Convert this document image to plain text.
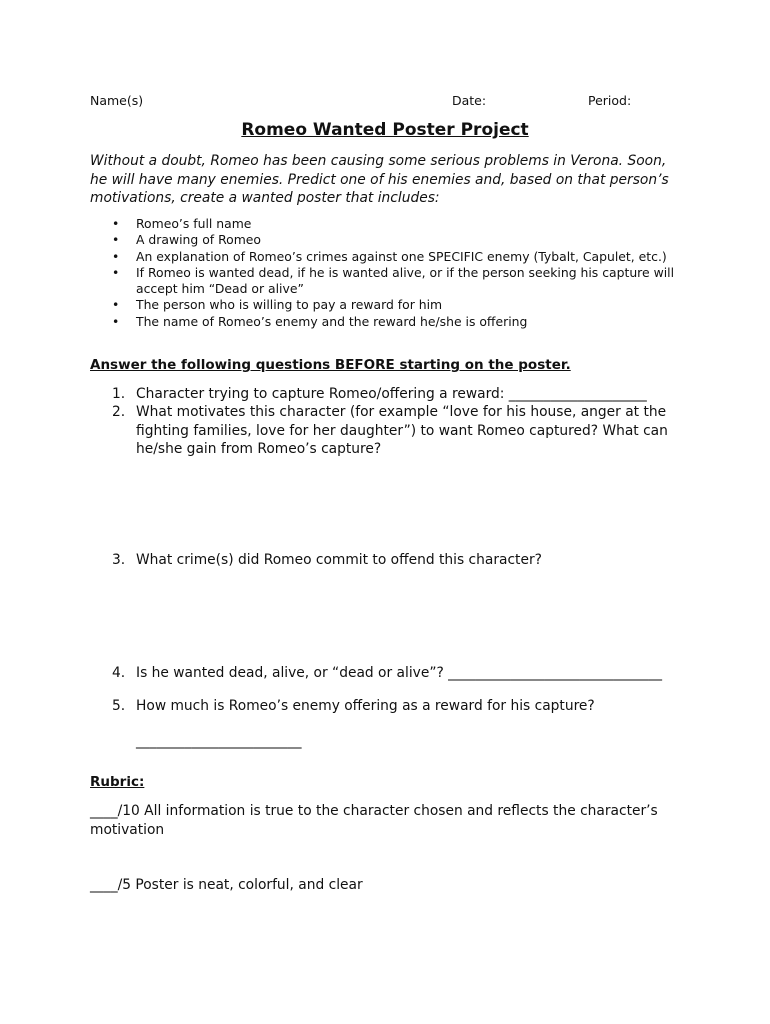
Name(s)	Date:	Period:
Romeo Wanted Poster Project
Without a doubt, Romeo has been causing some serious problems in Verona. Soon, he will have many enemies. Predict one of his enemies and, based on that person’s motivations, create a wanted poster that includes:
• Romeo’s full name
• A drawing of Romeo
• An explanation of Romeo’s crimes against one SPECIFIC enemy (Tybalt, Capulet, etc.)
• If Romeo is wanted dead, if he is wanted alive, or if the person seeking his capture will accept him “Dead or alive”
• The person who is willing to pay a reward for him
• The name of Romeo’s enemy and the reward he/she is offering
Answer the following questions BEFORE starting on the poster.
1. Character trying to capture Romeo/offering a reward: ____________________
2. What motivates this character (for example “love for his house, anger at the fighting families, love for her daughter”) to want Romeo captured? What can he/she gain from Romeo’s capture?
3. What crime(s) did Romeo commit to offend this character?
4. Is he wanted dead, alive, or “dead or alive”? _______________________________
5. How much is Romeo’s enemy offering as a reward for his capture?
________________________
Rubric:
____/10 All information is true to the character chosen and reflects the character’s motivation
____/5 Poster is neat, colorful, and clear
